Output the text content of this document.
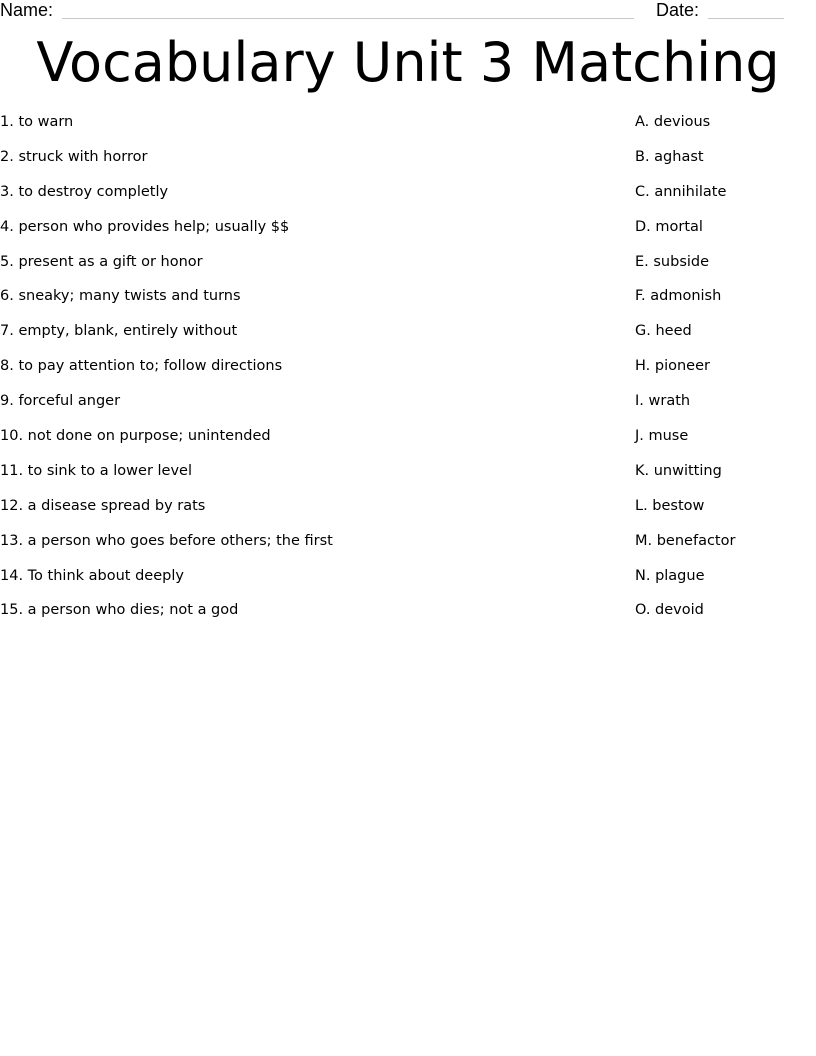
Name:	Date:
Vocabulary Unit 3 Matching
1. to warn
2. struck with horror
3. to destroy completly
4. person who provides help; usually $$
5. present as a gift or honor
6. sneaky; many twists and turns
7. empty, blank, entirely without
8. to pay attention to; follow directions
9. forceful anger
10. not done on purpose; unintended
11. to sink to a lower level
12. a disease spread by rats
13. a person who goes before others; the first
14. To think about deeply
15. a person who dies; not a god
A. devious
B. aghast
C. annihilate
D. mortal
E. subside
F. admonish
G. heed
H. pioneer
I. wrath
J. muse
K. unwitting
L. bestow
M. benefactor
N. plague
O. devoid
